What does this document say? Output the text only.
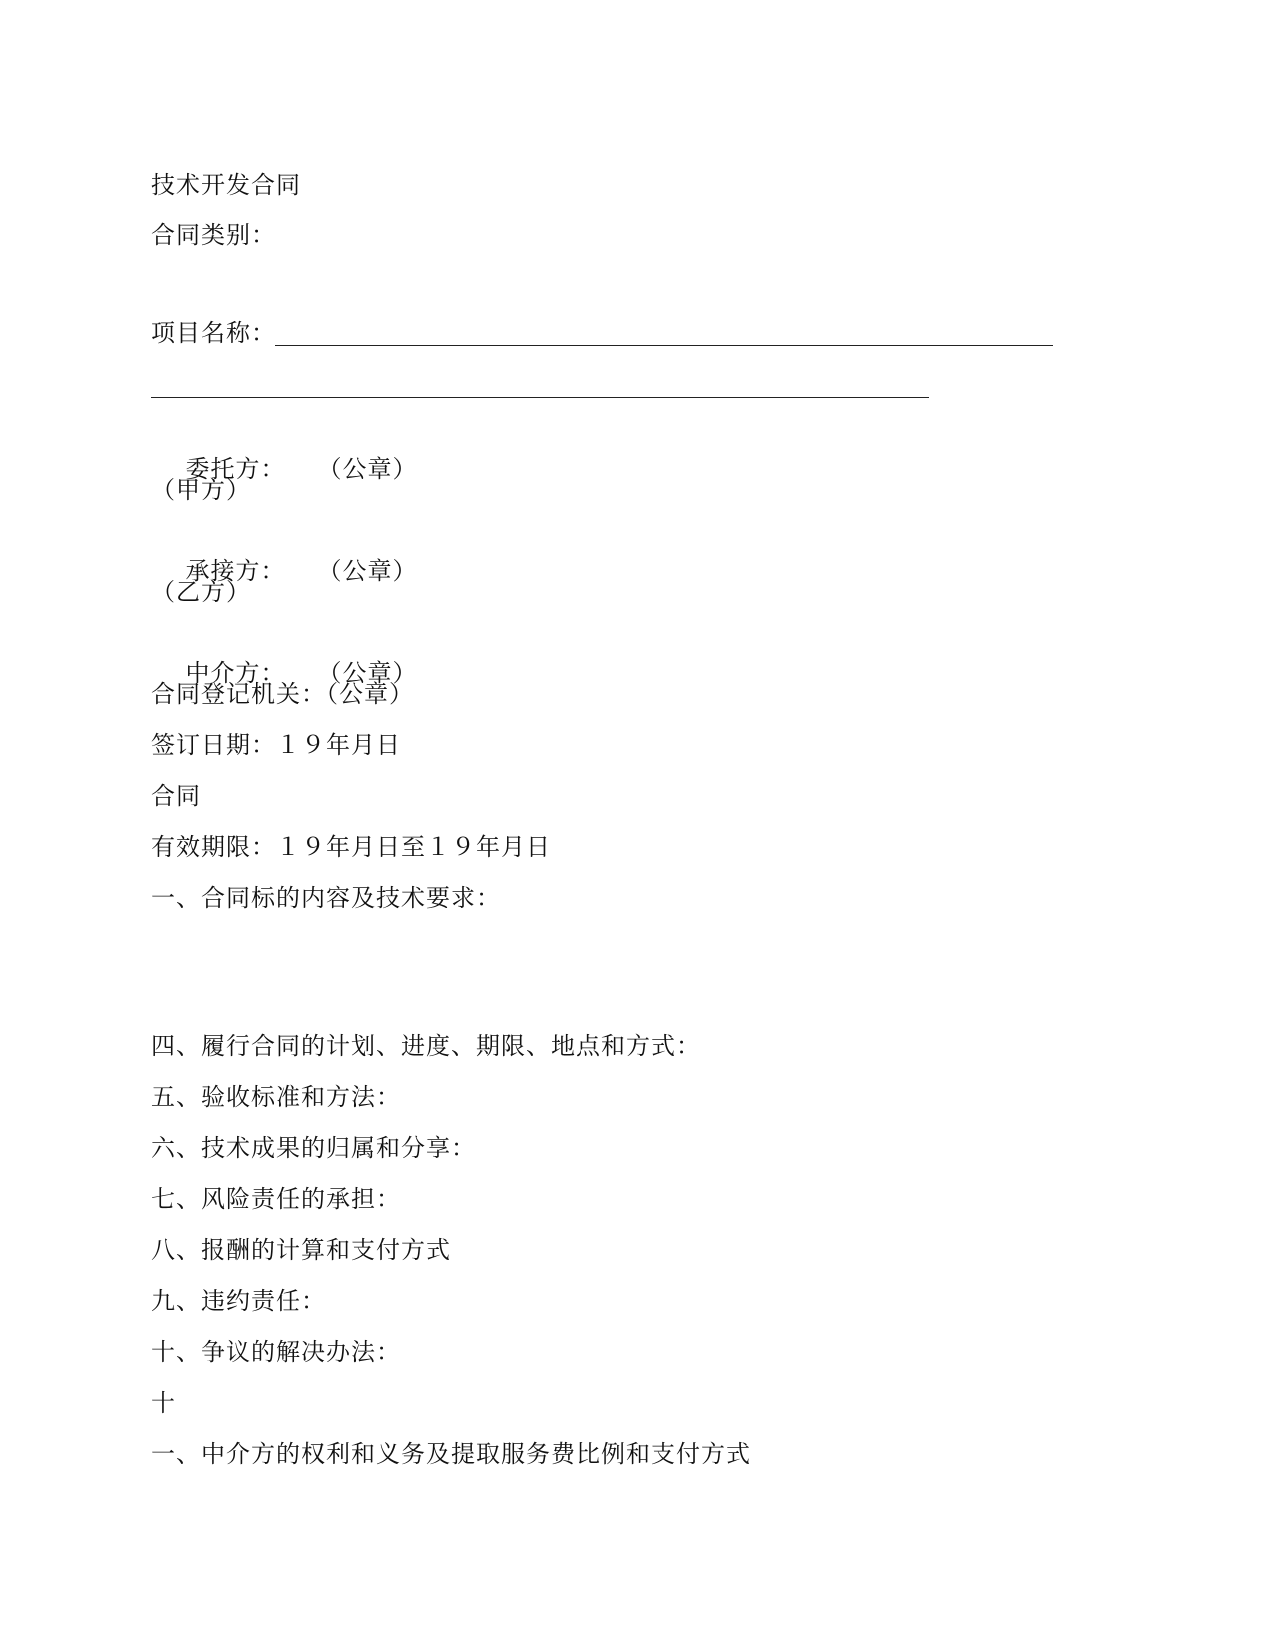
技术开发合同
合同类别：
项目名称：

委托方： （公章）

（甲方）

承接方： （公章）

（乙方）

中介方： （公章）

合同登记机关：（公章）
签订日期：１９年月日
合同
有效期限：１９年月日至１９年月日
一、合同标的内容及技术要求：
四、履行合同的计划、进度、期限、地点和方式：
五、验收标准和方法：
六、技术成果的归属和分享：
七、风险责任的承担：
八、报酬的计算和支付方式
九、违约责任：
十、争议的解决办法：
十
一、中介方的权利和义务及提取服务费比例和支付方式
